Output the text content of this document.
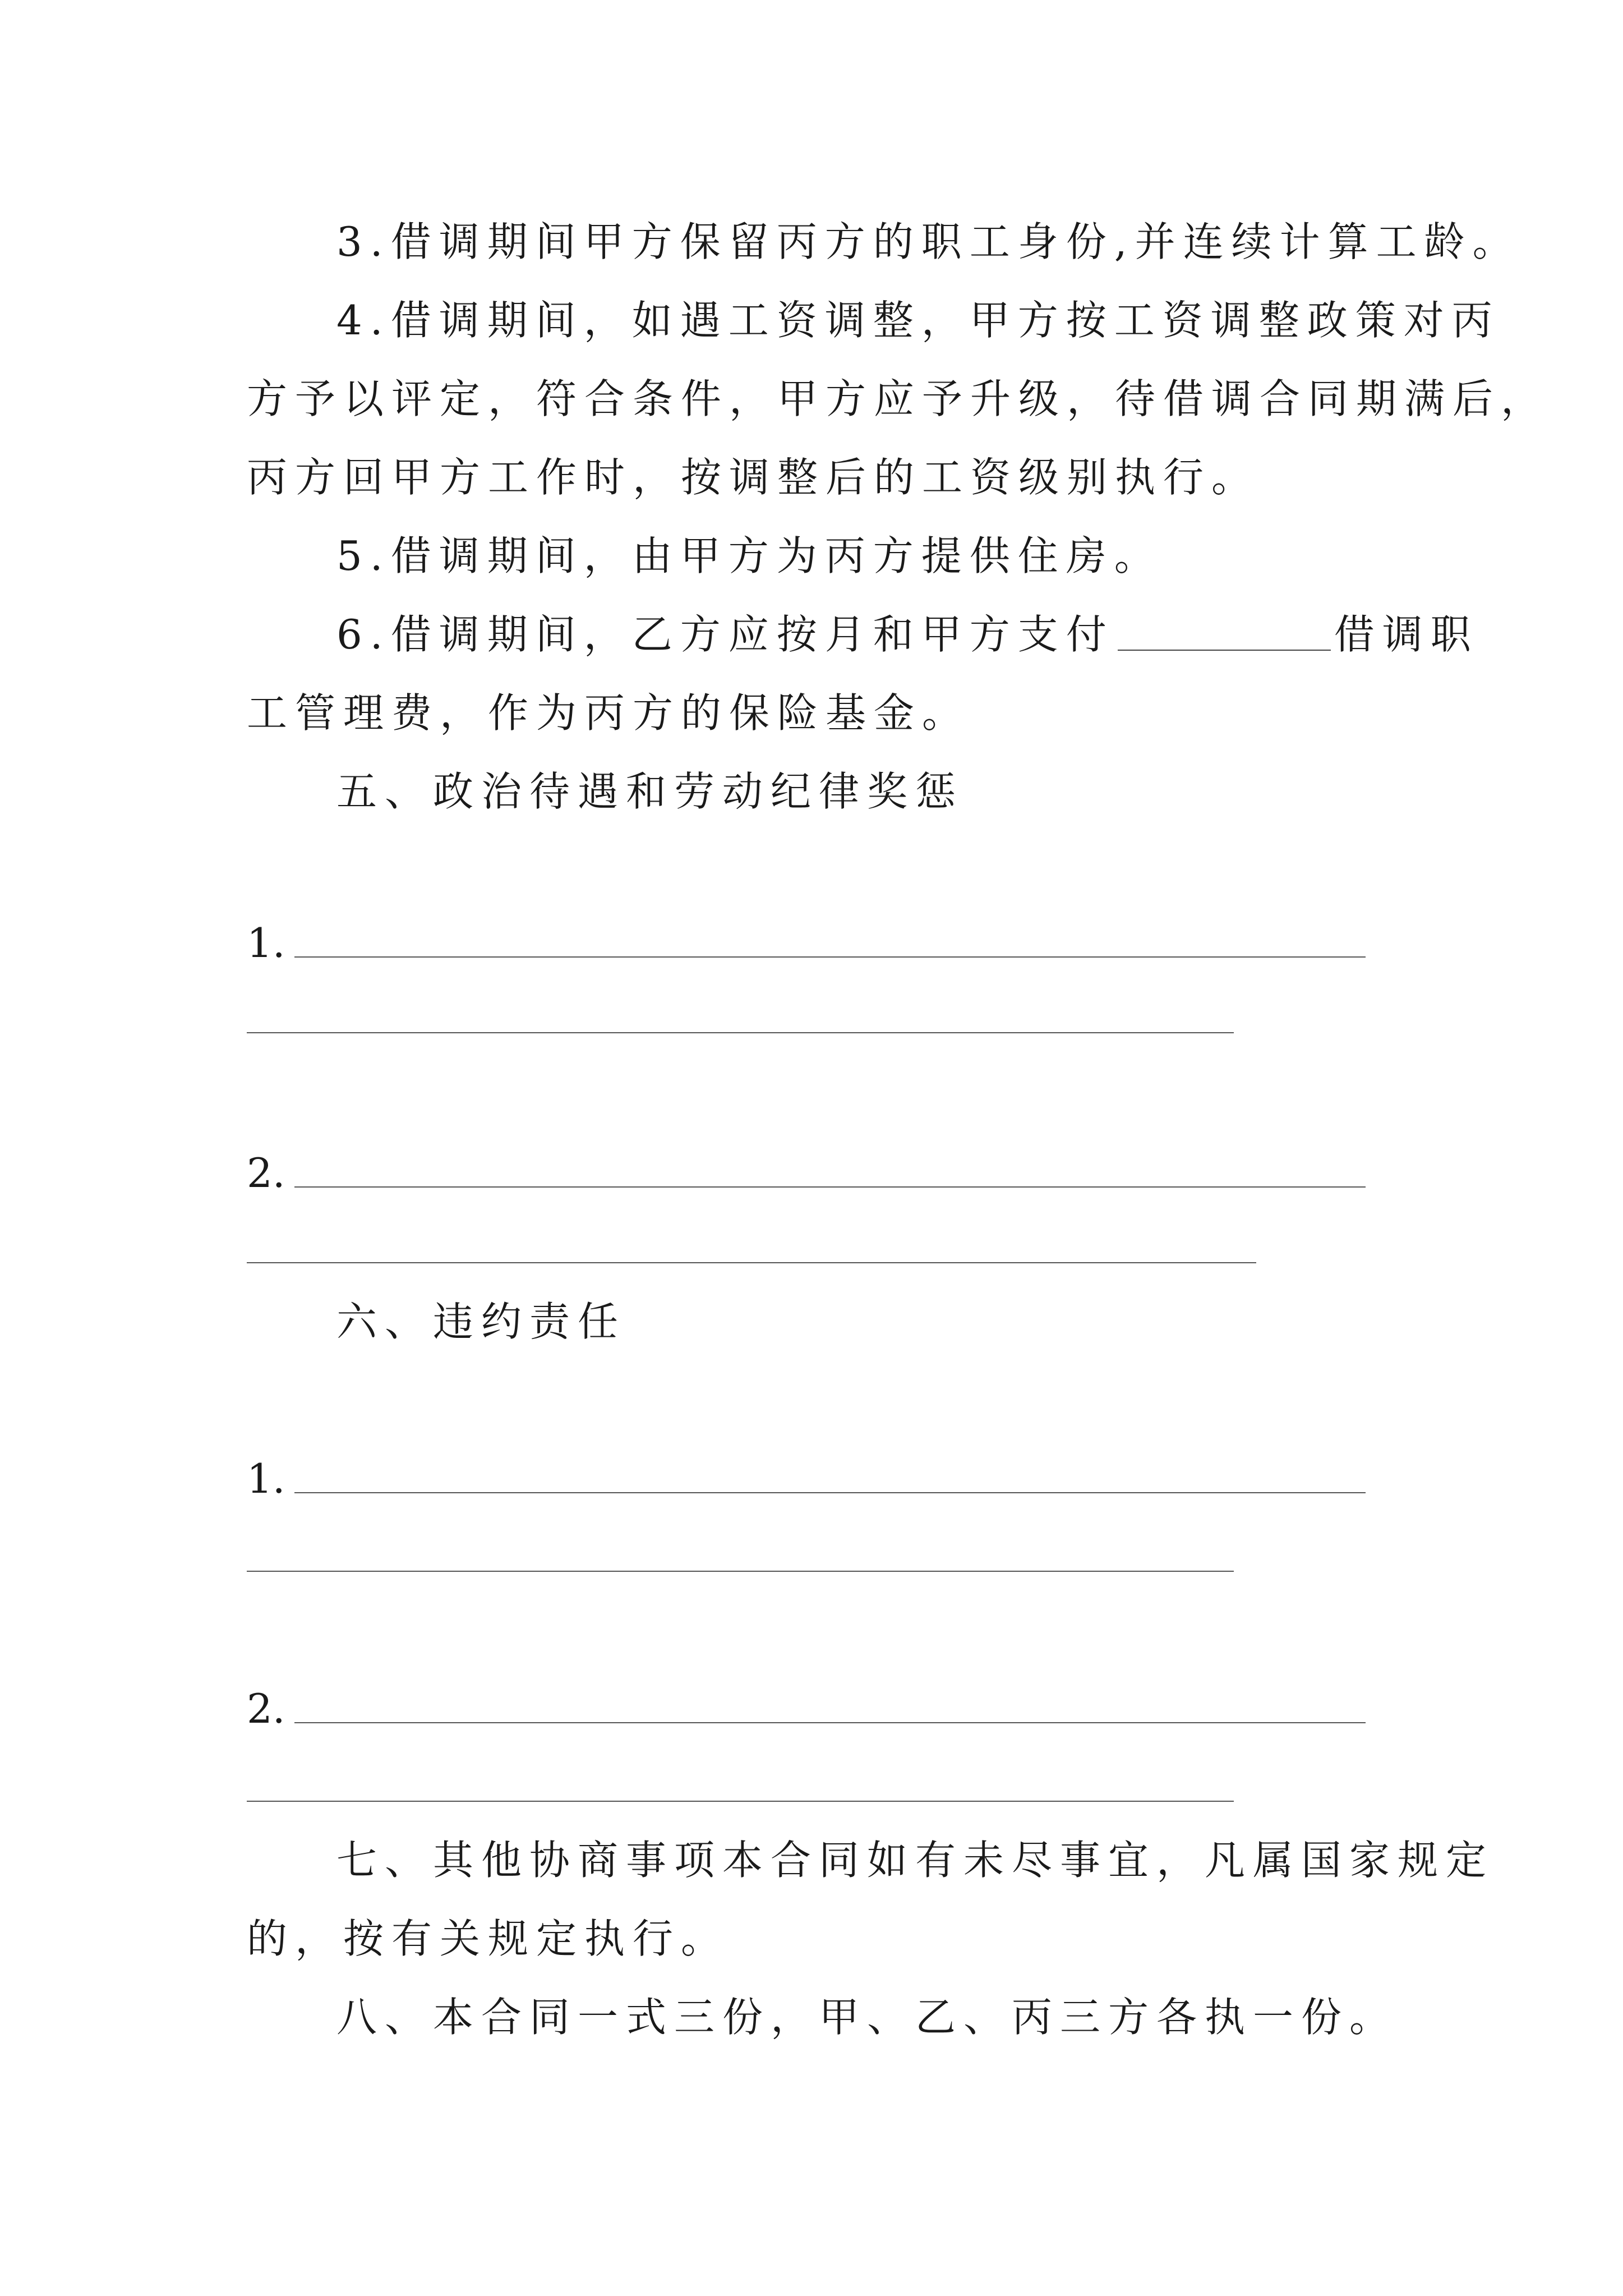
3.借调期间甲方保留丙方的职工身份,并连续计算工龄。
4.借调期间，如遇工资调整，甲方按工资调整政策对丙
方予以评定，符合条件，甲方应予升级，待借调合同期满后，
丙方回甲方工作时，按调整后的工资级别执行。
5.借调期间，由甲方为丙方提供住房。
6.借调期间，乙方应按月和甲方支付	借调职
工管理费，作为丙方的保险基金。
五、政治待遇和劳动纪律奖惩
1.
2.
六、违约责任
1.
2.
七、其他协商事项本合同如有未尽事宜，凡属国家规定
的，按有关规定执行。
八、本合同一式三份，甲、乙、丙三方各执一份。
